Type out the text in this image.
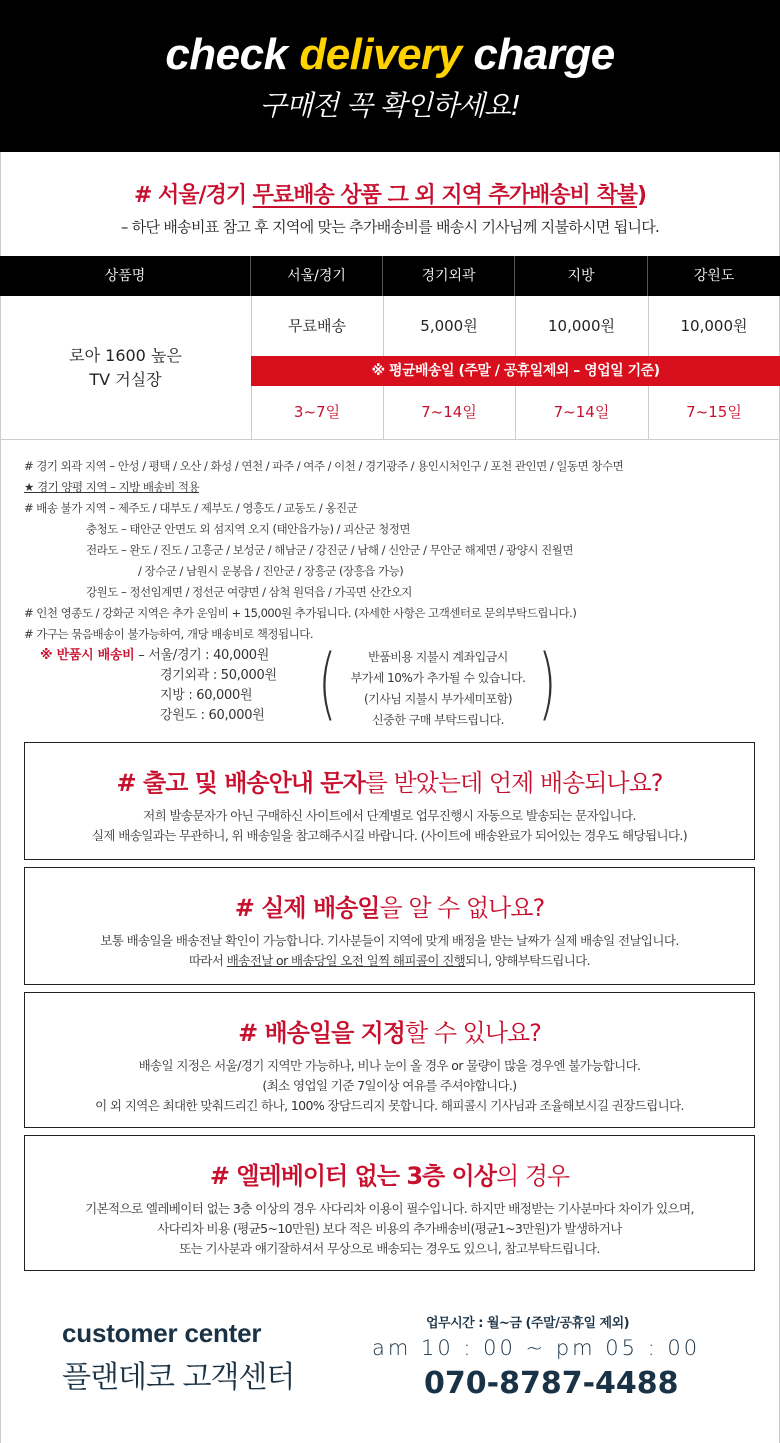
check delivery charge
구매전 꼭 확인하세요!
# 서울/경기 무료배송 상품 그 외 지역 추가배송비 착불)
– 하단 배송비표 참고 후 지역에 맞는 추가배송비를 배송시 기사님께 지불하시면 됩니다.
상품명	서울/경기	경기외곽	지방	강원도
로아 1600 높은
TV 거실장
무료배송	5,000원	10,000원	10,000원
※ 평균배송일 (주말 / 공휴일제외 – 영업일 기준)
3~7일	7~14일	7~14일	7~15일
# 경기 외곽 지역 – 안성 / 평택 / 오산 / 화성 / 연천 / 파주 / 여주 / 이천 / 경기광주 / 용인시처인구 / 포천 관인면 / 일동면 창수면
★ 경기 양평 지역 – 지방 배송비 적용
# 배송 불가 지역 – 제주도 / 대부도 / 제부도 / 영흥도 / 교동도 / 옹진군
충청도 – 태안군 안면도 외 섬지역 오지 (태안읍가능) / 괴산군 청정면
전라도 – 완도 / 진도 / 고흥군 / 보성군 / 해남군 / 강진군 / 남해 / 신안군 / 무안군 해제면 / 광양시 진월면
/ 장수군 / 남원시 운봉읍 / 진안군 / 장흥군 (장흥읍 가능)
강원도 – 정선임계면 / 정선군 여량면 / 삼척 원덕읍 / 가곡면 산간오지
# 인천 영종도 / 강화군 지역은 추가 운임비 + 15,000원 추가됩니다. (자세한 사항은 고객센터로 문의부탁드립니다.)
# 가구는 묶음배송이 불가능하여, 개당 배송비로 책정됩니다.
※ 반품시 배송비 – 서울/경기 : 40,000원
경기외곽 : 50,000원
지방 : 60,000원
강원도 : 60,000원 (	)
반품비용 지불시 계좌입금시
부가세 10%가 추가될 수 있습니다.
(기사님 지불시 부가세미포함)
신중한 구매 부탁드립니다.
# 출고 및 배송안내 문자를 받았는데 언제 배송되나요?
저희 발송문자가 아닌 구매하신 사이트에서 단계별로 업무진행시 자동으로 발송되는 문자입니다.
실제 배송일과는 무관하니, 위 배송일을 참고해주시길 바랍니다. (사이트에 배송완료가 되어있는 경우도 해당됩니다.)
# 실제 배송일을 알 수 없나요?
보통 배송일을 배송전날 확인이 가능합니다. 기사분들이 지역에 맞게 배정을 받는 날짜가 실제 배송일 전날입니다.
따라서 배송전날 or 배송당일 오전 일찍 해피콜이 진행되니, 양해부탁드립니다.
# 배송일을 지정할 수 있나요?
배송일 지정은 서울/경기 지역만 가능하나, 비나 눈이 올 경우 or 물량이 많을 경우엔 불가능합니다.
(최소 영업일 기준 7일이상 여유를 주셔야합니다.)
이 외 지역은 최대한 맞춰드리긴 하나, 100% 장담드리지 못합니다. 해피콜시 기사님과 조율해보시길 권장드립니다.
# 엘레베이터 없는 3층 이상의 경우
기본적으로 엘레베이터 없는 3층 이상의 경우 사다리차 이용이 필수입니다. 하지만 배정받는 기사분마다 차이가 있으며,
사다리차 비용 (평균5~10만원) 보다 적은 비용의 추가배송비(평균1~3만원)가 발생하거나
또는 기사분과 얘기잘하셔서 무상으로 배송되는 경우도 있으니, 참고부탁드립니다.
customer center
플랜데코 고객센터
업무시간 : 월~금 (주말/공휴일 제외)
am 10 : 00 ~ pm 05 : 00
070-8787-4488
